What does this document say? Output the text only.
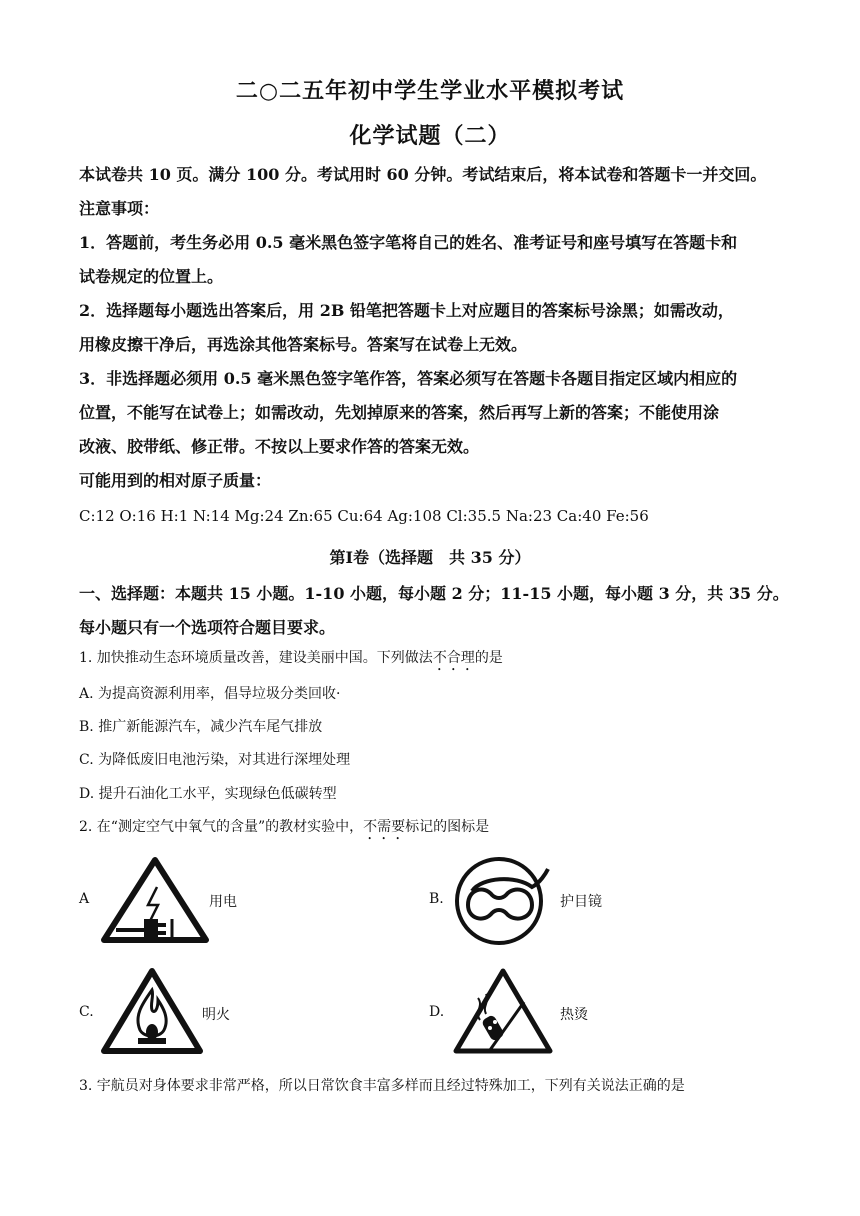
二○二五年初中学生学业水平模拟考试
化学试题（二）
本试卷共 10 页。满分 100 分。考试用时 60 分钟。考试结束后，将本试卷和答题卡一并交回。
注意事项：
1．答题前，考生务必用 0.5 毫米黑色签字笔将自己的姓名、准考证号和座号填写在答题卡和
试卷规定的位置上。
2．选择题每小题选出答案后，用 2B 铅笔把答题卡上对应题目的答案标号涂黑；如需改动，
用橡皮擦干净后，再选涂其他答案标号。答案写在试卷上无效。
3．非选择题必须用 0.5 毫米黑色签字笔作答，答案必须写在答题卡各题目指定区域内相应的
位置，不能写在试卷上；如需改动，先划掉原来的答案，然后再写上新的答案；不能使用涂
改液、胶带纸、修正带。不按以上要求作答的答案无效。
可能用到的相对原子质量：
C:12 O:16 H:1 N:14 Mg:24 Zn:65 Cu:64 Ag:108 Cl:35.5 Na:23 Ca:40 Fe:56
第Ⅰ卷（选择题　共 35 分）
一、选择题：本题共 15 小题。1-10 小题，每小题 2 分；11-15 小题，每小题 3 分，共 35 分。
每小题只有一个选项符合题目要求。
1. 加快推动生态环境质量改善，建设美丽中国。下列做法不合理的是
A. 为提高资源利用率，倡导垃圾分类回收·
B. 推广新能源汽车，减少汽车尾气排放
C. 为降低废旧电池污染，对其进行深埋处理
D. 提升石油化工水平，实现绿色低碳转型
2. 在“测定空气中氧气的含量”的教材实验中，不需要标记的图标是
A	用电	B.	护目镜
C.	明火	D.	热烫
3. 宇航员对身体要求非常严格，所以日常饮食丰富多样而且经过特殊加工，下列有关说法正确的是
